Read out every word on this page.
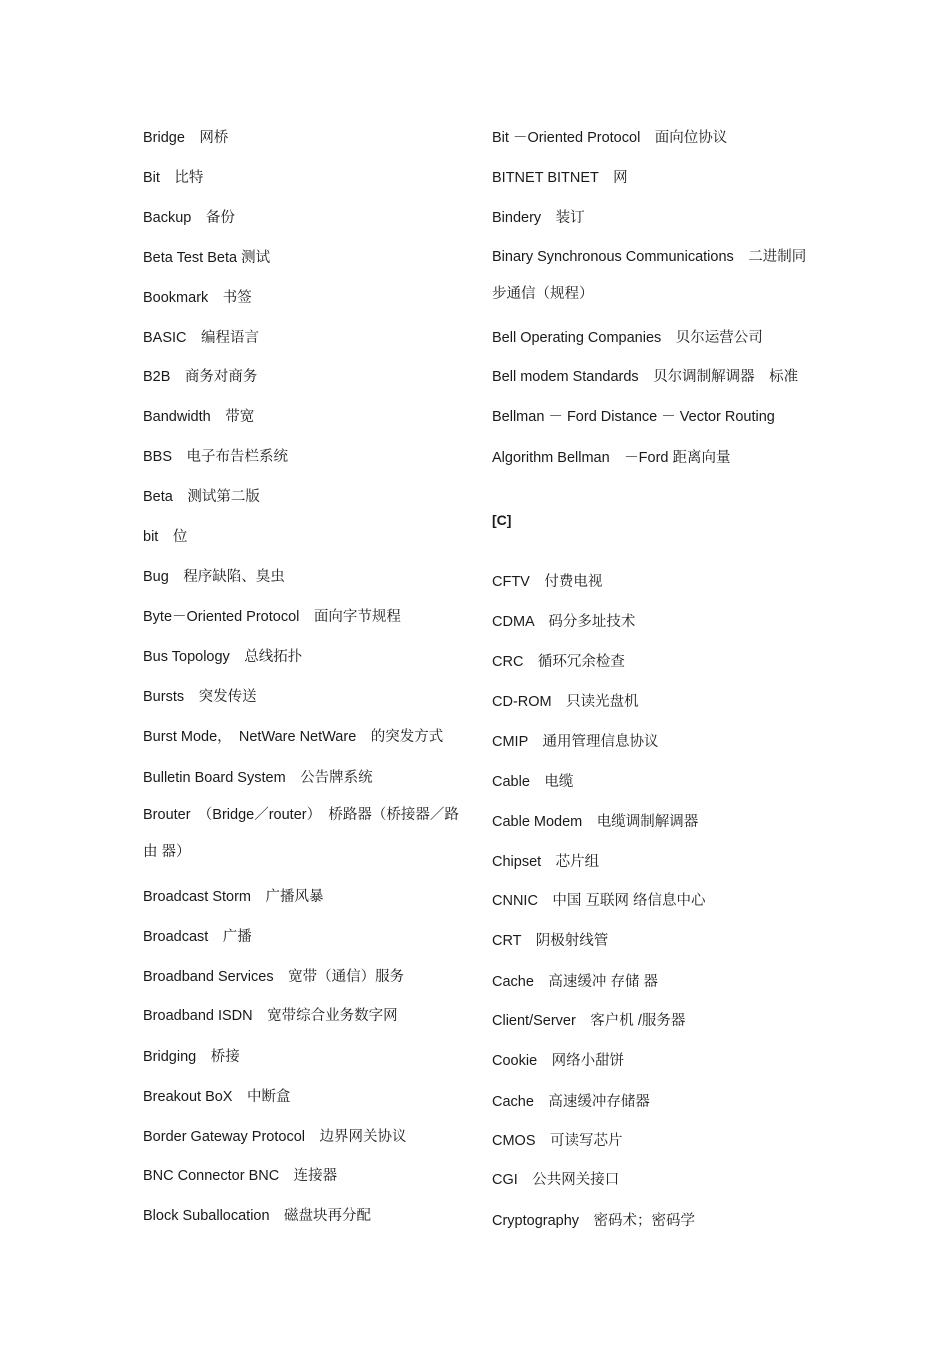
Bridge　网桥
Bit　比特
Backup　备份
Beta Test Beta 测试
Bookmark　书签
BASIC　编程语言
B2B　商务对商务
Bandwidth　带宽
BBS　电子布告栏系统
Beta　测试第二版
bit　位
Bug　程序缺陷、臭虫
Byte－Oriented Protocol　面向字节规程
Bus Topology　总线拓扑
Bursts　突发传送
Burst Mode，　NetWare NetWare　的突发方式
Bulletin Board System　公告牌系统
Brouter　（Bridge／router）　桥路器（桥接器／路由 器）
Broadcast Storm　广播风暴
Broadcast　广播
Broadband Services　宽带（通信）服务
Broadband ISDN　宽带综合业务数字网
Bridging　桥接
Breakout BoX　中断盒
Border Gateway Protocol　边界网关协议
BNC Connector BNC　连接器
Block Suballocation　磁盘块再分配
Bit －Oriented Protocol　面向位协议
BITNET BITNET　网
Bindery　装订
Binary Synchronous Communications　二进制同步通信（规程）
Bell Operating Companies　贝尔运营公司
Bell modem Standards　贝尔调制解调器　标准
Bellman － Ford Distance － Vector Routing
Algorithm Bellman　－Ford 距离向量
[C]
CFTV　付费电视
CDMA　码分多址技术
CRC　循环冗余检查
CD-ROM　只读光盘机
CMIP　通用管理信息协议
Cable　电缆
Cable Modem　电缆调制解调器
Chipset　芯片组
CNNIC　中国 互联网 络信息中心
CRT　阴极射线管
Cache　高速缓冲 存储 器
Client/Server　客户机 /服务器
Cookie　网络小甜饼
Cache　高速缓冲存储器
CMOS　可读写芯片
CGI　公共网关接口
Cryptography　密码术；密码学
